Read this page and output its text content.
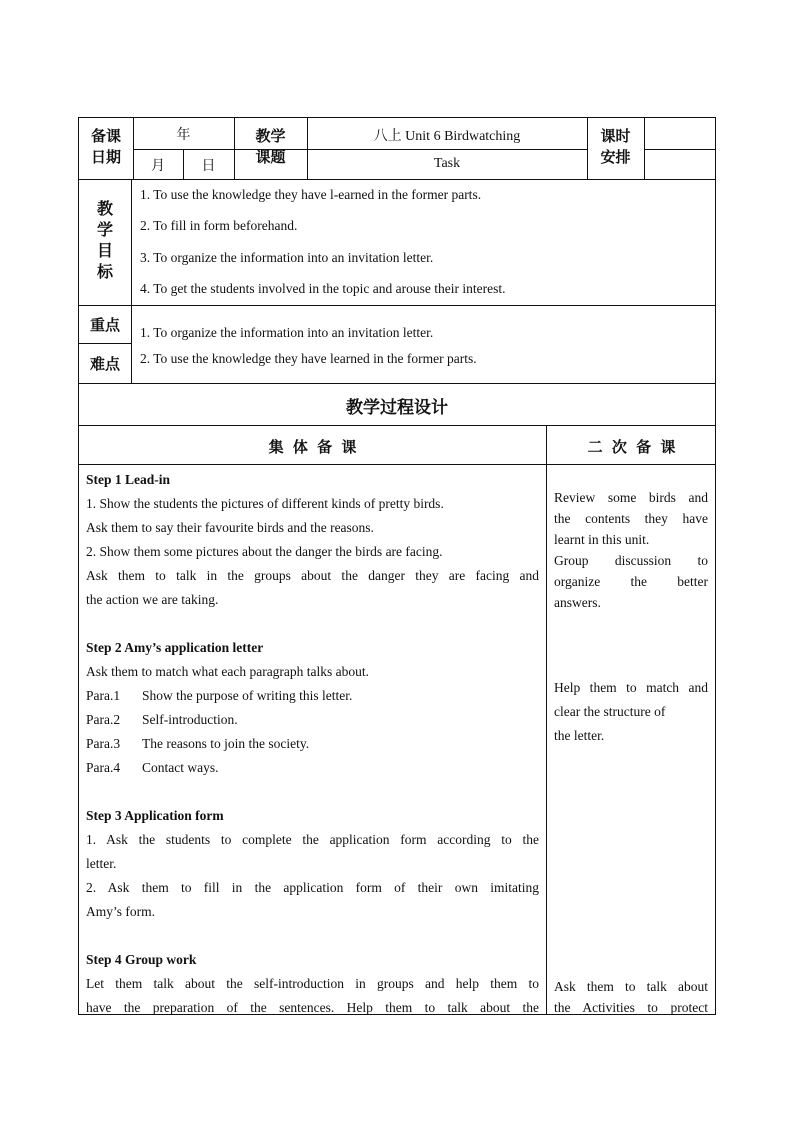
备课
日期
年
月	日
教学
课题
八上 Unit 6 Birdwatching
Task
课时
安排
教
学
目
标
1. To use the knowledge they have l-earned in the former parts.
2. To fill in form beforehand.
3. To organize the information into an invitation letter.
4. To get the students involved in the topic and arouse their interest.
重点
难点
1. To organize the information into an invitation letter.
2. To use the knowledge they have learned in the former parts.
教学过程设计
集 体 备 课	二 次 备 课
Step 1 Lead-in
1. Show the students the pictures of different kinds of pretty birds.
Ask them to say their favourite birds and the reasons.
2. Show them some pictures about the danger the birds are facing.
Ask them to talk in the groups about the danger they are facing and
the action we are taking.
Step 2 Amy’s application letter
Ask them to match what each paragraph talks about.
Para.1 Show the purpose of writing this letter.
Para.2 Self-introduction.
Para.3 The reasons to join the society.
Para.4 Contact ways.
Step 3 Application form
1. Ask the students to complete the application form according to the
letter.
2. Ask them to fill in the application form of their own imitating
Amy’s form.
Step 4 Group work
Let them talk about the self-introduction in groups and help them to
have the preparation of the sentences. Help them to talk about the
Review some birds and
the contents they have
learnt in this unit.
Group discussion to
organize the better
answers.
Help them to match and
clear the structure of
the letter.
Ask them to talk about
the Activities to protect
